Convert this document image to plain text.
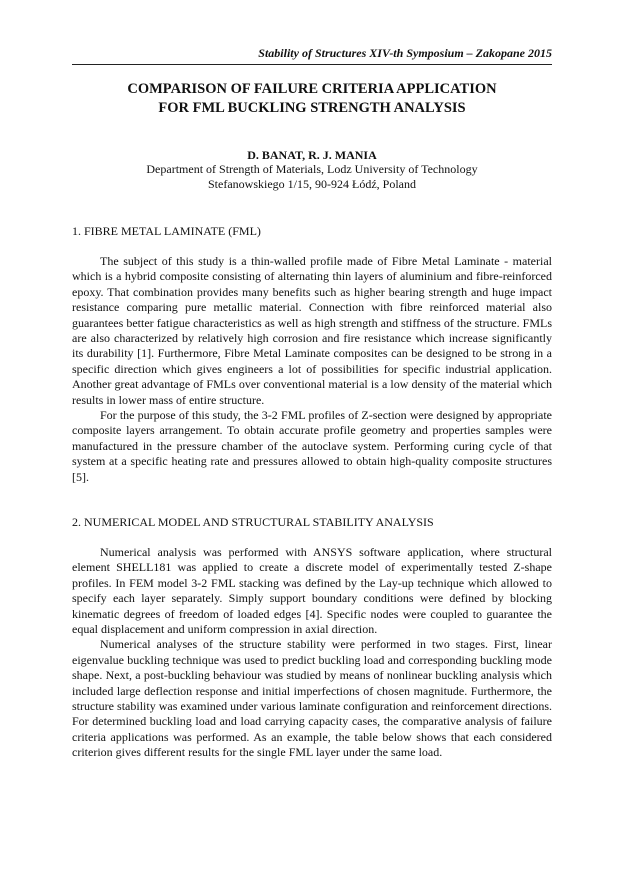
Stability of Structures XIV-th Symposium – Zakopane 2015
COMPARISON OF FAILURE CRITERIA APPLICATION
FOR FML BUCKLING STRENGTH ANALYSIS
D. BANAT, R. J. MANIA
Department of Strength of Materials, Lodz University of Technology
Stefanowskiego 1/15, 90-924 Łódź, Poland
1. FIBRE METAL LAMINATE (FML)

The subject of this study is a thin-walled profile made of Fibre Metal Laminate - material which is a hybrid composite consisting of alternating thin layers of aluminium and fibre-reinforced epoxy. That combination provides many benefits such as higher bearing strength and huge impact resistance comparing pure metallic material. Connection with fibre reinforced material also guarantees better fatigue characteristics as well as high strength and stiffness of the structure. FMLs are also characterized by relatively high corrosion and fire resistance which increase significantly its durability [1]. Furthermore, Fibre Metal Laminate composites can be designed to be strong in a specific direction which gives engineers a lot of possibilities for specific industrial application. Another great advantage of FMLs over conventional material is a low density of the material which results in lower mass of entire structure.

For the purpose of this study, the 3-2 FML profiles of Z-section were designed by appropriate composite layers arrangement. To obtain accurate profile geometry and properties samples were manufactured in the pressure chamber of the autoclave system. Performing curing cycle of that system at a specific heating rate and pressures allowed to obtain high-quality composite structures [5].

2. NUMERICAL MODEL AND STRUCTURAL STABILITY ANALYSIS

Numerical analysis was performed with ANSYS software application, where structural element SHELL181 was applied to create a discrete model of experimentally tested Z-shape profiles. In FEM model 3-2 FML stacking was defined by the Lay-up technique which allowed to specify each layer separately. Simply support boundary conditions were defined by blocking kinematic degrees of freedom of loaded edges [4]. Specific nodes were coupled to guarantee the equal displacement and uniform compression in axial direction.

Numerical analyses of the structure stability were performed in two stages. First, linear eigenvalue buckling technique was used to predict buckling load and corresponding buckling mode shape. Next, a post-buckling behaviour was studied by means of nonlinear buckling analysis which included large deflection response and initial imperfections of chosen magnitude. Furthermore, the structure stability was examined under various laminate configuration and reinforcement directions. For determined buckling load and load carrying capacity cases, the comparative analysis of failure criteria applications was performed. As an example, the table below shows that each considered criterion gives different results for the single FML layer under the same load.
